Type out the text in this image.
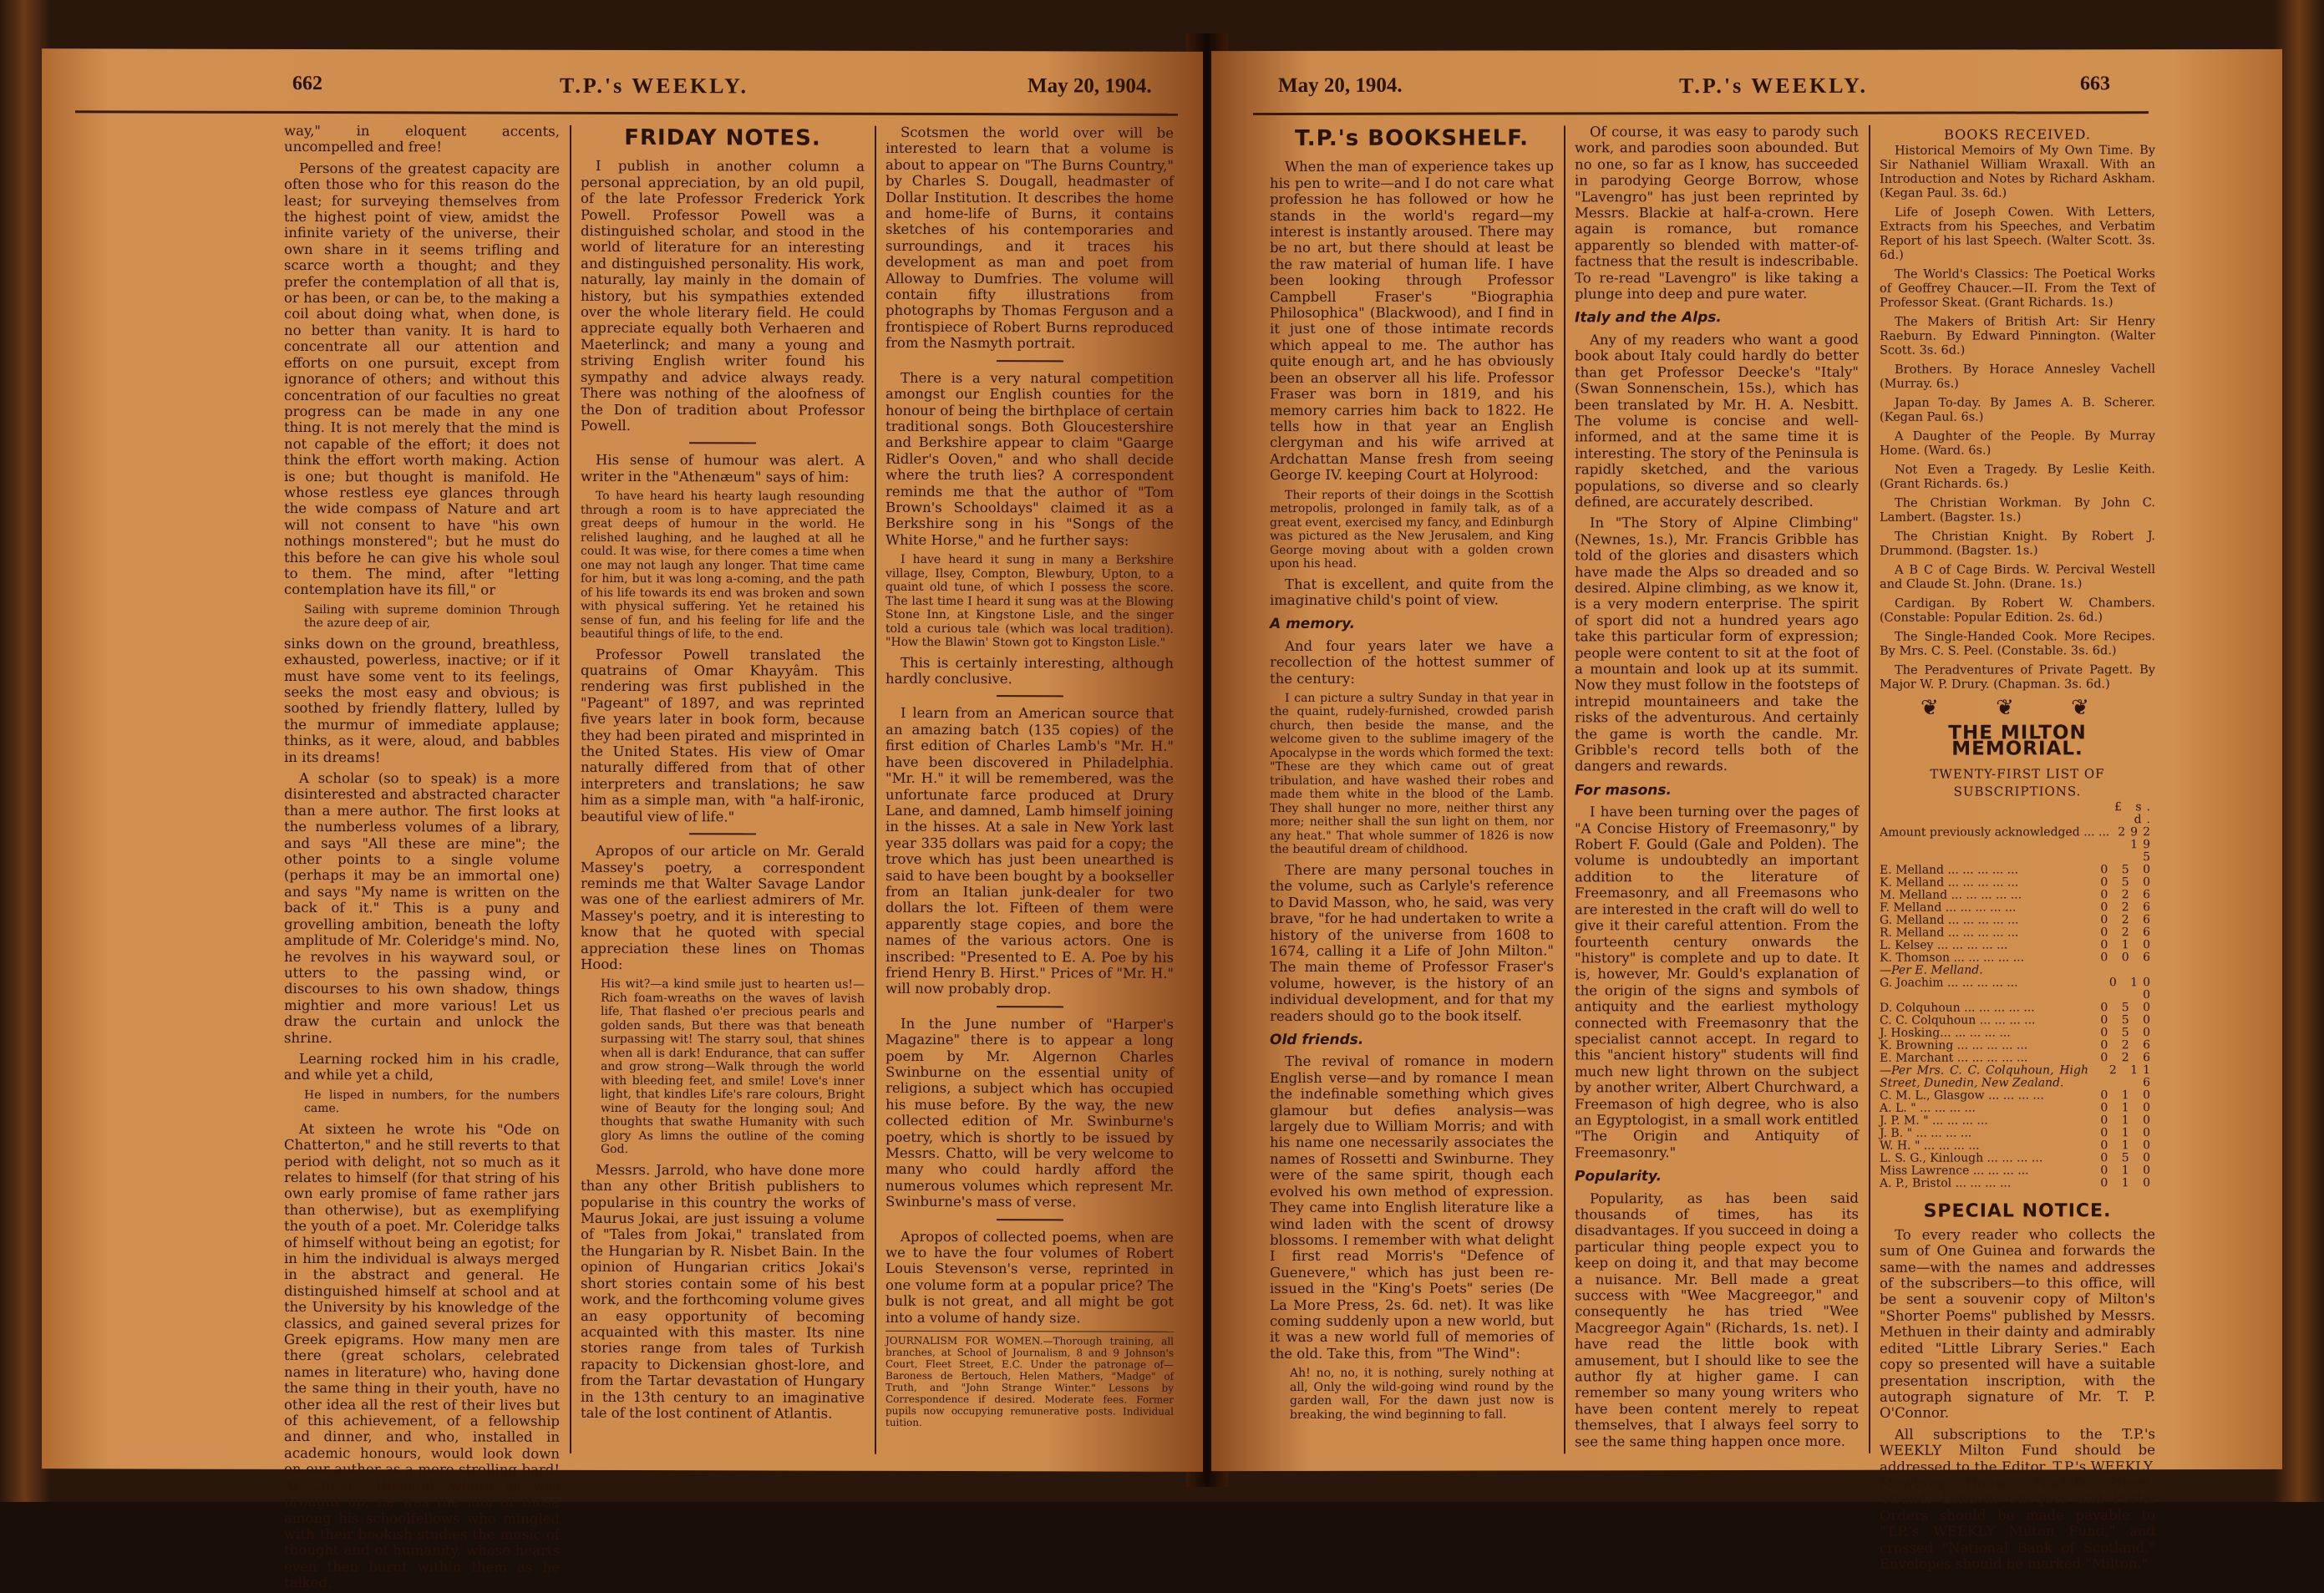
662	T.P.'s WEEKLY.	May 20, 1904.

way," in eloquent accents, uncompelled and free!

Persons of the greatest capacity are often those who for this reason do the least; for surveying themselves from the highest point of view, amidst the infinite variety of the universe, their own share in it seems trifling and scarce worth a thought; and they prefer the contemplation of all that is, or has been, or can be, to the making a coil about doing what, when done, is no better than vanity. It is hard to concentrate all our attention and efforts on one pursuit, except from ignorance of others; and without this concentration of our faculties no great progress can be made in any one thing. It is not merely that the mind is not capable of the effort; it does not think the effort worth making. Action is one; but thought is manifold. He whose restless eye glances through the wide compass of Nature and art will not consent to have "his own nothings monstered"; but he must do this before he can give his whole soul to them. The mind, after "letting contemplation have its fill," or

Sailing with supreme dominion Through the azure deep of air,

sinks down on the ground, breathless, exhausted, powerless, inactive; or if it must have some vent to its feelings, seeks the most easy and obvious; is soothed by friendly flattery, lulled by the murmur of immediate applause; thinks, as it were, aloud, and babbles in its dreams!

A scholar (so to speak) is a more disinterested and abstracted character than a mere author. The first looks at the numberless volumes of a library, and says "All these are mine"; the other points to a single volume (perhaps it may be an immortal one) and says "My name is written on the back of it." This is a puny and grovelling ambition, beneath the lofty amplitude of Mr. Coleridge's mind. No, he revolves in his wayward soul, or utters to the passing wind, or discourses to his own shadow, things mightier and more various! Let us draw the curtain and unlock the shrine.

Learning rocked him in his cradle, and while yet a child,

He lisped in numbers, for the numbers came.

At sixteen he wrote his "Ode on Chatterton," and he still reverts to that period with delight, not so much as it relates to himself (for that string of his own early promise of fame rather jars than otherwise), but as exemplifying the youth of a poet. Mr. Coleridge talks of himself without being an egotist; for in him the individual is always merged in the abstract and general. He distinguished himself at school and at the University by his knowledge of the classics, and gained several prizes for Greek epigrams. How many men are there (great scholars, celebrated names in literature) who, having done the same thing in their youth, have no other idea all the rest of their lives but of this achievement, of a fellowship and dinner, and who, installed in academic honours, would look down on our author as a mere strolling bard! At Christ's Hospital, where he was brought up, he was the idol of those among his schoolfellows who mingled with their bookish studies the music of thought and of humanity, whose hearts even then burnt within them as he talked.

FRIDAY NOTES.

I publish in another column a personal appreciation, by an old pupil, of the late Professor Frederick York Powell. Professor Powell was a distinguished scholar, and stood in the world of literature for an interesting and distinguished personality. His work, naturally, lay mainly in the domain of history, but his sympathies extended over the whole literary field. He could appreciate equally both Verhaeren and Maeterlinck; and many a young and striving English writer found his sympathy and advice always ready. There was nothing of the aloofness of the Don of tradition about Professor Powell.

His sense of humour was alert. A writer in the "Athenæum" says of him:

To have heard his hearty laugh resounding through a room is to have appreciated the great deeps of humour in the world. He relished laughing, and he laughed at all he could. It was wise, for there comes a time when one may not laugh any longer. That time came for him, but it was long a-coming, and the path of his life towards its end was broken and sown with physical suffering. Yet he retained his sense of fun, and his feeling for life and the beautiful things of life, to the end.

Professor Powell translated the quatrains of Omar Khayyâm. This rendering was first published in the "Pageant" of 1897, and was reprinted five years later in book form, because they had been pirated and misprinted in the United States. His view of Omar naturally differed from that of other interpreters and translations; he saw him as a simple man, with "a half-ironic, beautiful view of life."

Apropos of our article on Mr. Gerald Massey's poetry, a correspondent reminds me that Walter Savage Landor was one of the earliest admirers of Mr. Massey's poetry, and it is interesting to know that he quoted with special appreciation these lines on Thomas Hood:

His wit?—a kind smile just to hearten us!—Rich foam-wreaths on the waves of lavish life, That flashed o'er precious pearls and golden sands, But there was that beneath surpassing wit! The starry soul, that shines when all is dark! Endurance, that can suffer and grow strong—Walk through the world with bleeding feet, and smile! Love's inner light, that kindles Life's rare colours, Bright wine of Beauty for the longing soul; And thoughts that swathe Humanity with such glory As limns the outline of the coming God.

Messrs. Jarrold, who have done more than any other British publishers to popularise in this country the works of Maurus Jokai, are just issuing a volume of "Tales from Jokai," translated from the Hungarian by R. Nisbet Bain. In the opinion of Hungarian critics Jokai's short stories contain some of his best work, and the forthcoming volume gives an easy opportunity of becoming acquainted with this master. Its nine stories range from tales of Turkish rapacity to Dickensian ghost-lore, and from the Tartar devastation of Hungary in the 13th century to an imaginative tale of the lost continent of Atlantis.

Scotsmen the world over will be interested to learn that a volume is about to appear on "The Burns Country," by Charles S. Dougall, headmaster of Dollar Institution. It describes the home and home-life of Burns, it contains sketches of his contemporaries and surroundings, and it traces his development as man and poet from Alloway to Dumfries. The volume will contain fifty illustrations from photographs by Thomas Ferguson and a frontispiece of Robert Burns reproduced from the Nasmyth portrait.

There is a very natural competition amongst our English counties for the honour of being the birthplace of certain traditional songs. Both Gloucestershire and Berkshire appear to claim "Gaarge Ridler's Ooven," and who shall decide where the truth lies? A correspondent reminds me that the author of "Tom Brown's Schooldays" claimed it as a Berkshire song in his "Songs of the White Horse," and he further says:

I have heard it sung in many a Berkshire village, Ilsey, Compton, Blewbury, Upton, to a quaint old tune, of which I possess the score. The last time I heard it sung was at the Blowing Stone Inn, at Kingstone Lisle, and the singer told a curious tale (which was local tradition). "How the Blawin' Stown got to Kingston Lisle."

This is certainly interesting, although hardly conclusive.

I learn from an American source that an amazing batch (135 copies) of the first edition of Charles Lamb's "Mr. H." have been discovered in Philadelphia. "Mr. H." it will be remembered, was the unfortunate farce produced at Drury Lane, and damned, Lamb himself joining in the hisses. At a sale in New York last year 335 dollars was paid for a copy; the trove which has just been unearthed is said to have been bought by a bookseller from an Italian junk-dealer for two dollars the lot. Fifteen of them were apparently stage copies, and bore the names of the various actors. One is inscribed: "Presented to E. A. Poe by his friend Henry B. Hirst." Prices of "Mr. H." will now probably drop.

In the June number of "Harper's Magazine" there is to appear a long poem by Mr. Algernon Charles Swinburne on the essential unity of religions, a subject which has occupied his muse before. By the way, the new collected edition of Mr. Swinburne's poetry, which is shortly to be issued by Messrs. Chatto, will be very welcome to many who could hardly afford the numerous volumes which represent Mr. Swinburne's mass of verse.

Apropos of collected poems, when are we to have the four volumes of Robert Louis Stevenson's verse, reprinted in one volume form at a popular price? The bulk is not great, and all might be got into a volume of handy size.

JOURNALISM FOR WOMEN.—Thorough training, all branches, at School of Journalism, 8 and 9 Johnson's Court, Fleet Street, E.C. Under the patronage of—Baroness de Bertouch, Helen Mathers, "Madge" of Truth, and "John Strange Winter." Lessons by Correspondence if desired. Moderate fees. Former pupils now occupying remunerative posts. Individual tuition.
May 20, 1904.	T.P.'s WEEKLY.	663
T.P.'s BOOKSHELF.

When the man of experience takes up his pen to write—and I do not care what profession he has followed or how he stands in the world's regard—my interest is instantly aroused. There may be no art, but there should at least be the raw material of human life. I have been looking through Professor Campbell Fraser's "Biographia Philosophica" (Blackwood), and I find in it just one of those intimate records which appeal to me. The author has quite enough art, and he has obviously been an observer all his life. Professor Fraser was born in 1819, and his memory carries him back to 1822. He tells how in that year an English clergyman and his wife arrived at Ardchattan Manse fresh from seeing George IV. keeping Court at Holyrood:

Their reports of their doings in the Scottish metropolis, prolonged in family talk, as of a great event, exercised my fancy, and Edinburgh was pictured as the New Jerusalem, and King George moving about with a golden crown upon his head.

That is excellent, and quite from the imaginative child's point of view.

A memory.

And four years later we have a recollection of the hottest summer of the century:

I can picture a sultry Sunday in that year in the quaint, rudely-furnished, crowded parish church, then beside the manse, and the welcome given to the sublime imagery of the Apocalypse in the words which formed the text: "These are they which came out of great tribulation, and have washed their robes and made them white in the blood of the Lamb. They shall hunger no more, neither thirst any more; neither shall the sun light on them, nor any heat." That whole summer of 1826 is now the beautiful dream of childhood.

There are many personal touches in the volume, such as Carlyle's reference to David Masson, who, he said, was very brave, "for he had undertaken to write a history of the universe from 1608 to 1674, calling it a Life of John Milton." The main theme of Professor Fraser's volume, however, is the history of an individual development, and for that my readers should go to the book itself.

Old friends.

The revival of romance in modern English verse—and by romance I mean the indefinable something which gives glamour but defies analysis—was largely due to William Morris; and with his name one necessarily associates the names of Rossetti and Swinburne. They were of the same spirit, though each evolved his own method of expression. They came into English literature like a wind laden with the scent of drowsy blossoms. I remember with what delight I first read Morris's "Defence of Guenevere," which has just been re-issued in the "King's Poets" series (De La More Press, 2s. 6d. net). It was like coming suddenly upon a new world, but it was a new world full of memories of the old. Take this, from "The Wind":

Ah! no, no, it is nothing, surely nothing at all, Only the wild-going wind round by the garden wall, For the dawn just now is breaking, the wind beginning to fall.

Of course, it was easy to parody such work, and parodies soon abounded. But no one, so far as I know, has succeeded in parodying George Borrow, whose "Lavengro" has just been reprinted by Messrs. Blackie at half-a-crown. Here again is romance, but romance apparently so blended with matter-of-factness that the result is indescribable. To re-read "Lavengro" is like taking a plunge into deep and pure water.

Italy and the Alps.

Any of my readers who want a good book about Italy could hardly do better than get Professor Deecke's "Italy" (Swan Sonnenschein, 15s.), which has been translated by Mr. H. A. Nesbitt. The volume is concise and well-informed, and at the same time it is interesting. The story of the Peninsula is rapidly sketched, and the various populations, so diverse and so clearly defined, are accurately described.

In "The Story of Alpine Climbing" (Newnes, 1s.), Mr. Francis Gribble has told of the glories and disasters which have made the Alps so dreaded and so desired. Alpine climbing, as we know it, is a very modern enterprise. The spirit of sport did not a hundred years ago take this particular form of expression; people were content to sit at the foot of a mountain and look up at its summit. Now they must follow in the footsteps of intrepid mountaineers and take the risks of the adventurous. And certainly the game is worth the candle. Mr. Gribble's record tells both of the dangers and rewards.

For masons.

I have been turning over the pages of "A Concise History of Freemasonry," by Robert F. Gould (Gale and Polden). The volume is undoubtedly an important addition to the literature of Freemasonry, and all Freemasons who are interested in the craft will do well to give it their careful attention. From the fourteenth century onwards the "history" is complete and up to date. It is, however, Mr. Gould's explanation of the origin of the signs and symbols of antiquity and the earliest mythology connected with Freemasonry that the specialist cannot accept. In regard to this "ancient history" students will find much new light thrown on the subject by another writer, Albert Churchward, a Freemason of high degree, who is also an Egyptologist, in a small work entitled "The Origin and Antiquity of Freemasonry."

Popularity.

Popularity, as has been said thousands of times, has its disadvantages. If you succeed in doing a particular thing people expect you to keep on doing it, and that may become a nuisance. Mr. Bell made a great success with "Wee Macgreegor," and consequently he has tried "Wee Macgreegor Again" (Richards, 1s. net). I have read the little book with amusement, but I should like to see the author fly at higher game. I can remember so many young writers who have been content merely to repeat themselves, that I always feel sorry to see the same thing happen once more.

BOOKS RECEIVED.

Historical Memoirs of My Own Time. By Sir Nathaniel William Wraxall. With an Introduction and Notes by Richard Askham. (Kegan Paul. 3s. 6d.)

Life of Joseph Cowen. With Letters, Extracts from his Speeches, and Verbatim Report of his last Speech. (Walter Scott. 3s. 6d.)

The World's Classics: The Poetical Works of Geoffrey Chaucer.—II. From the Text of Professor Skeat. (Grant Richards. 1s.)

The Makers of British Art: Sir Henry Raeburn. By Edward Pinnington. (Walter Scott. 3s. 6d.)

Brothers. By Horace Annesley Vachell (Murray. 6s.)

Japan To-day. By James A. B. Scherer. (Kegan Paul. 6s.)

A Daughter of the People. By Murray Home. (Ward. 6s.)

Not Even a Tragedy. By Leslie Keith. (Grant Richards. 6s.)

The Christian Workman. By John C. Lambert. (Bagster. 1s.)

The Christian Knight. By Robert J. Drummond. (Bagster. 1s.)

A B C of Cage Birds. W. Percival Westell and Claude St. John. (Drane. 1s.)

Cardigan. By Robert W. Chambers. (Constable: Popular Edition. 2s. 6d.)

The Single-Handed Cook. More Recipes. By Mrs. C. S. Peel. (Constable. 3s. 6d.)

The Peradventures of Private Pagett. By Major W. P. Drury. (Chapman. 3s. 6d.)

❦ ❦ ❦
THE MILTON MEMORIAL.
TWENTY-FIRST LIST OF
SUBSCRIPTIONS.
£ s. d.
Amount previously acknowledged ... ... 292 19 5
E. Melland ... ... ... ... ...	0 5 0
K. Melland ... ... ... ... ...	0 5 0
M. Melland ... ... ... ... ...	0 2 6
F. Melland ... ... ... ... ...	0 2 6
G. Melland ... ... ... ... ...	0 2 6
R. Melland ... ... ... ... ...	0 2 6
L. Kelsey ... ... ... ... ...	0 1 0
K. Thomson ... ... ... ... ...	0 0 6
—Per E. Melland.
G. Joachim ... ... ... ... ...	0 10 0
D. Colquhoun ... ... ... ... ...	0 5 0
C. C. Colquhoun ... ... ... ...	0 5 0
J. Hosking... ... ... ... ...	0 5 0
K. Browning ... ... ... ... ...	0 2 6
E. Marchant ... ... ... ... ...	0 2 6
—Per Mrs. C. C. Colquhoun, High Street, Dunedin, New Zealand.
2 11 6
C. M. L., Glasgow ... ... ... ...	0 1 0
A. L. " ... ... ... ...	0 1 0
J. P. M. " ... ... ... ...	0 1 0
J. B. " ... ... ... ...	0 1 0
W. H. " ... ... ... ...	0 1 0
L. S. G., Kinlough ... ... ... ...	0 5 0
Miss Lawrence ... ... ... ...	0 1 0
A. P., Bristol ... ... ... ...	0 1 0
SPECIAL NOTICE.

To every reader who collects the sum of One Guinea and forwards the same—with the names and addresses of the subscribers—to this office, will be sent a souvenir copy of Milton's "Shorter Poems" published by Messrs. Methuen in their dainty and admirably edited "Little Library Series." Each copy so presented will have a suitable presentation inscription, with the autograph signature of Mr. T. P. O'Connor.

All subscriptions to the T.P.'s WEEKLY Milton Fund should be addressed to the Editor, T.P.'s WEEKLY, Mowbray House, Norfolk Street, Strand, London. Cheques and Postal Orders should be made payable to "T.P.'s WEEKLY Milton Fund," and crossed "National Bank of Scotland." Envelopes should be marked "Milton."
